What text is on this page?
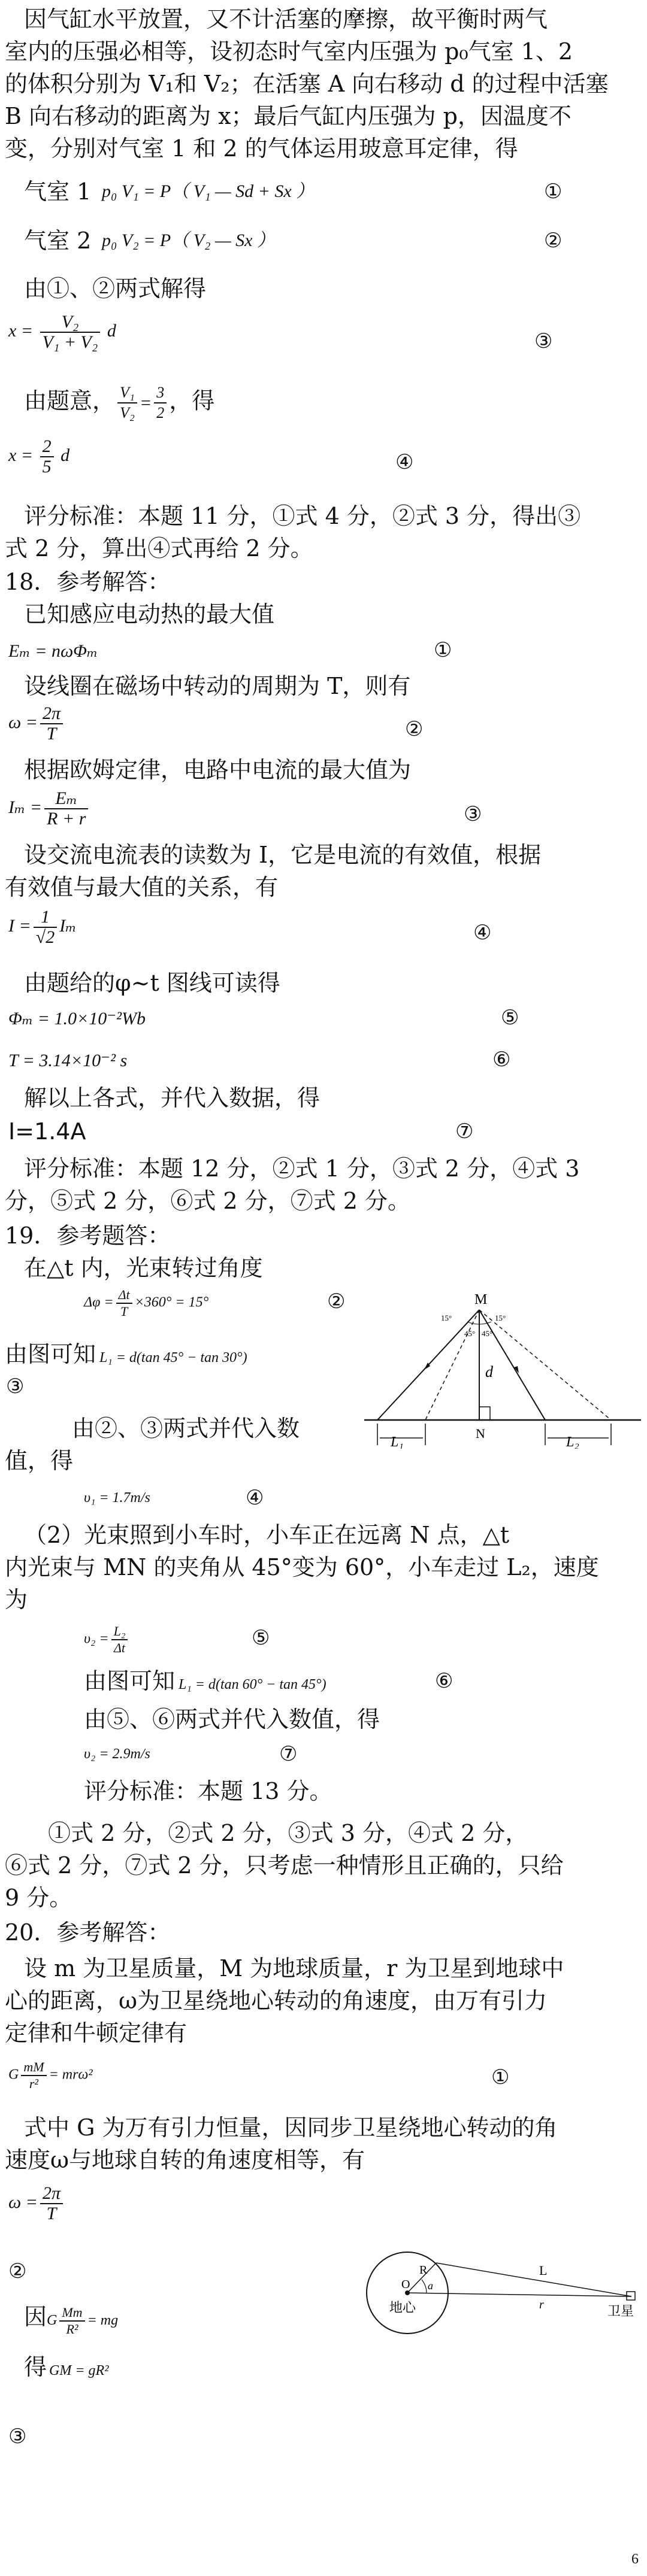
因气缸水平放置，又不计活塞的摩擦，故平衡时两气
室内的压强必相等，设初态时气室内压强为 p₀气室 1、2
的体积分别为 V₁和 V₂；在活塞 A 向右移动 d 的过程中活塞
B 向右移动的距离为 x；最后气缸内压强为 p，因温度不
变，分别对气室 1 和 2 的气体运用玻意耳定律，得
气室 1 p₀ V₁ = P（ V₁ — Sd + Sx ）	①
气室 2 p₀ V₂ = P（ V₂ — Sx ）	②
由①、②两式解得
$x = \frac{\text{V₂}}{\text{V₁ + V₂}}$ d	③
由题意， $\frac{\text{V₁}}{\text{V₂}} = \frac{3}{2}$ ，得
$x = \frac{2}{5}$ d	④
评分标准：本题 11 分，①式 4 分，②式 3 分，得出③
式 2 分，算出④式再给 2 分。
18．参考解答：
已知感应电动热的最大值
Eₘ = nωΦₘ	①
设线圈在磁场中转动的周期为 T，则有
$\omega = \frac{2\pi}{T}$	②
根据欧姆定律，电路中电流的最大值为
$I_m = \frac{\text{Eₘ}}{R + r}$	③
设交流电流表的读数为 I，它是电流的有效值，根据
有效值与最大值的关系，有
$I = \frac{1}{√2}$ Iₘ	④
由题给的φ~t 图线可读得
Φₘ = 1.0×10⁻²Wb	⑤
T = 3.14×10⁻² s	⑥
解以上各式，并代入数据，得
I=1.4A	⑦
评分标准：本题 12 分，②式 1 分，③式 2 分，④式 3
分，⑤式 2 分，⑥式 2 分，⑦式 2 分。
19．参考题答：
在△t 内，光束转过角度
$\Delta\varphi = \frac{\Delta t}{T} \times 360^\circ = 15^\circ$	②
由图可知 L₁ = d(tan 45° − tan 30°)
③
由②、③两式并代入数
值，得
υ₁ = 1.7m/s	④
M
N
d
15°
45° 45°
15°
L₁	L₂
（2）光束照到小车时，小车正在远离 N 点，△t
内光束与 MN 的夹角从 45°变为 60°，小车走过 L₂，速度
为
$\upsilon_2 = \frac{\text{L₂}}{\Delta t}$	⑤
由图可知 L₁ = d(tan 60° − tan 45°)	⑥
由⑤、⑥两式并代入数值，得
υ₂ = 2.9m/s	⑦
评分标准：本题 13 分。
①式 2 分，②式 2 分，③式 3 分，④式 2 分，
⑥式 2 分，⑦式 2 分，只考虑一种情形且正确的，只给
9 分。
20．参考解答：
设 m 为卫星质量，M 为地球质量，r 为卫星到地球中
心的距离，ω为卫星绕地心转动的角速度，由万有引力
定律和牛顿定律有
G $\frac{mM}{\text{r²}} = mr\omega^2$	①
式中 G 为万有引力恒量，因同步卫星绕地心转动的角
速度ω与地球自转的角速度相等，有
$\omega = \frac{2\pi}{T}$
②
因G $\frac{Mm}{\text{R²}}$ = mg
得GM = gR²
③
O
R
a
L
r
地心	卫星
6
